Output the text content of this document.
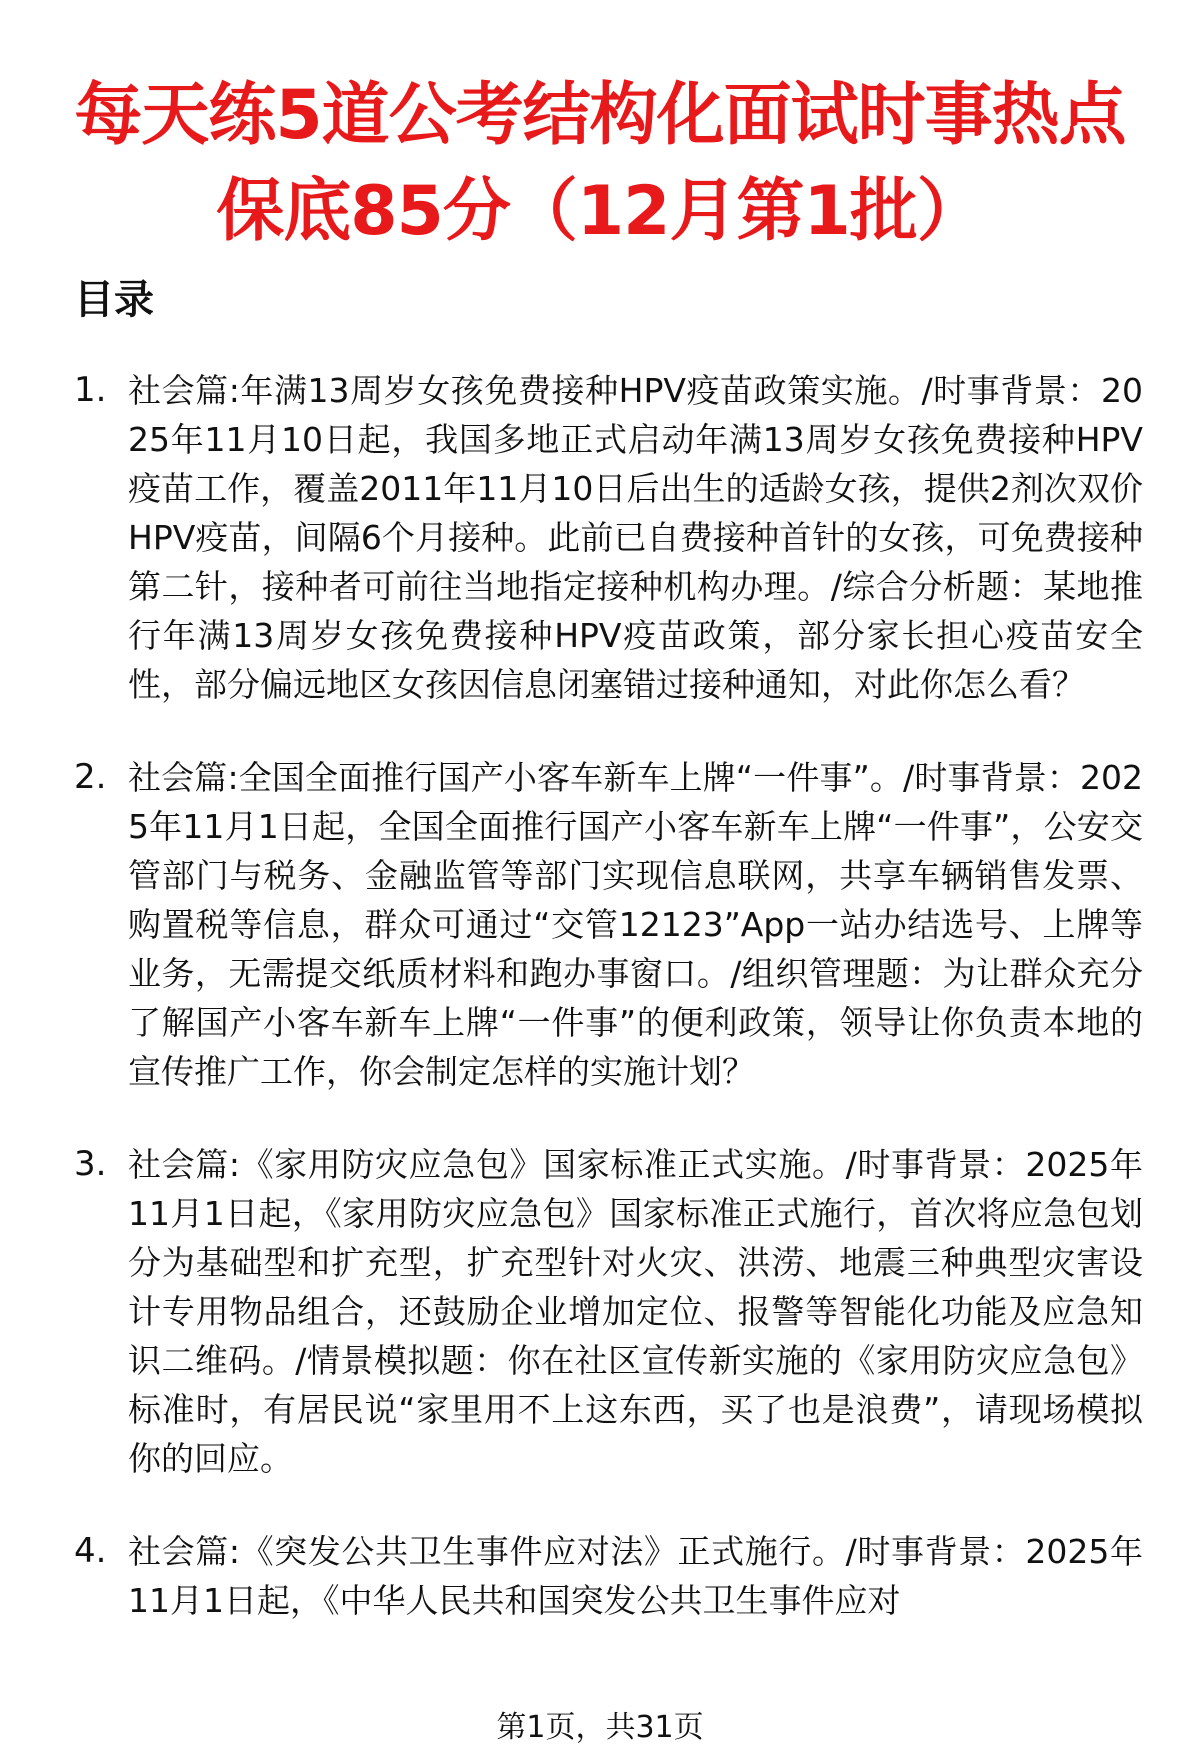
每天练5道公考结构化面试时事热点
保底85分（12月第1批）
目录
1. 社会篇:年满13周岁女孩免费接种HPV疫苗政策实施。/时事背景：2025年11月10日起，我国多地正式启动年满13周岁女孩免费接种HPV疫苗工作，覆盖2011年11月10日后出生的适龄女孩，提供2剂次双价HPV疫苗，间隔6个月接种。此前已自费接种首针的女孩，可免费接种第二针，接种者可前往当地指定接种机构办理。/综合分析题：某地推行年满13周岁女孩免费接种HPV疫苗政策，部分家长担心疫苗安全性，部分偏远地区女孩因信息闭塞错过接种通知，对此你怎么看？
2. 社会篇:全国全面推行国产小客车新车上牌“一件事”。/时事背景：2025年11月1日起，全国全面推行国产小客车新车上牌“一件事”，公安交管部门与税务、金融监管等部门实现信息联网，共享车辆销售发票、购置税等信息，群众可通过“交管12123”App一站办结选号、上牌等业务，无需提交纸质材料和跑办事窗口。/组织管理题：为让群众充分了解国产小客车新车上牌“一件事”的便利政策，领导让你负责本地的宣传推广工作，你会制定怎样的实施计划？
3. 社会篇:《家用防灾应急包》国家标准正式实施。/时事背景：2025年11月1日起，《家用防灾应急包》国家标准正式施行，首次将应急包划分为基础型和扩充型，扩充型针对火灾、洪涝、地震三种典型灾害设计专用物品组合，还鼓励企业增加定位、报警等智能化功能及应急知识二维码。/情景模拟题：你在社区宣传新实施的《家用防灾应急包》标准时，有居民说“家里用不上这东西，买了也是浪费”，请现场模拟你的回应。
4. 社会篇:《突发公共卫生事件应对法》正式施行。/时事背景：2025年11月1日起，《中华人民共和国突发公共卫生事件应对
第1页，共31页
